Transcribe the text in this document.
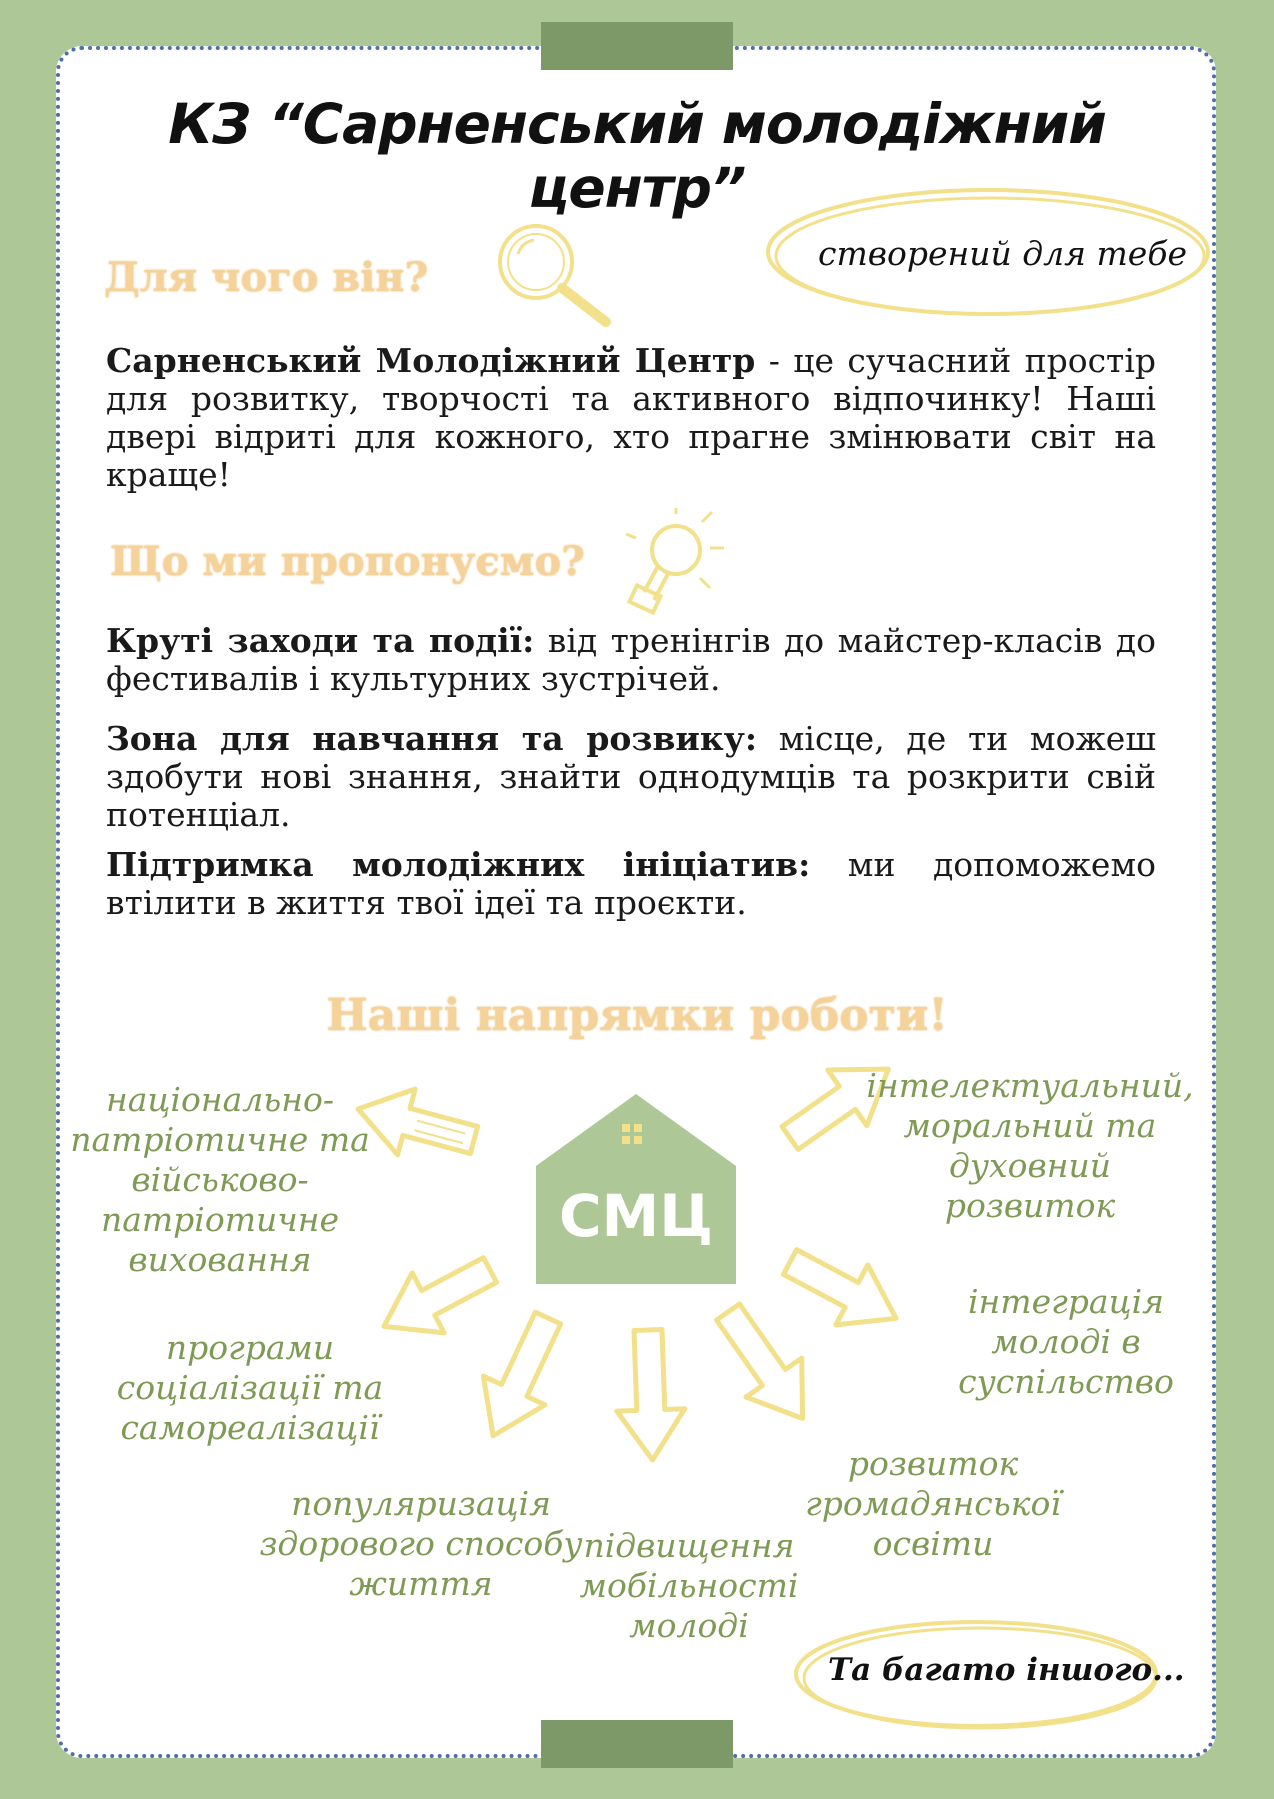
КЗ “Сарненський молодіжний центр”
створений для тебе
Для чого він?
Сарненський Молодіжний Центр - це сучасний простір для розвитку, творчості та активного відпочинку! Наші двері відриті для кожного, хто прагне змінювати світ на краще!
Що ми пропонуємо?
Круті заходи та події: від тренінгів до майстер-класів до фестивалів і культурних зустрічей.
Зона для навчання та розвику: місце, де ти можеш здобути нові знання, знайти однодумців та розкрити свій потенціал.
Підтримка молодіжних ініціатив: ми допоможемо втілити в життя твої ідеї та проєкти.
Наші напрямки роботи!
СМЦ
національно-
патріотичне та
військово-
патріотичне
виховання
інтелектуальний,
моральний та
духовний
розвиток
програми
соціалізації та
самореалізації
інтеграція
молоді в
суспільство
популяризація
здорового способу
життя
підвищення
мобільності
молоді
розвиток
громадянської
освіти
Та багато іншого...
